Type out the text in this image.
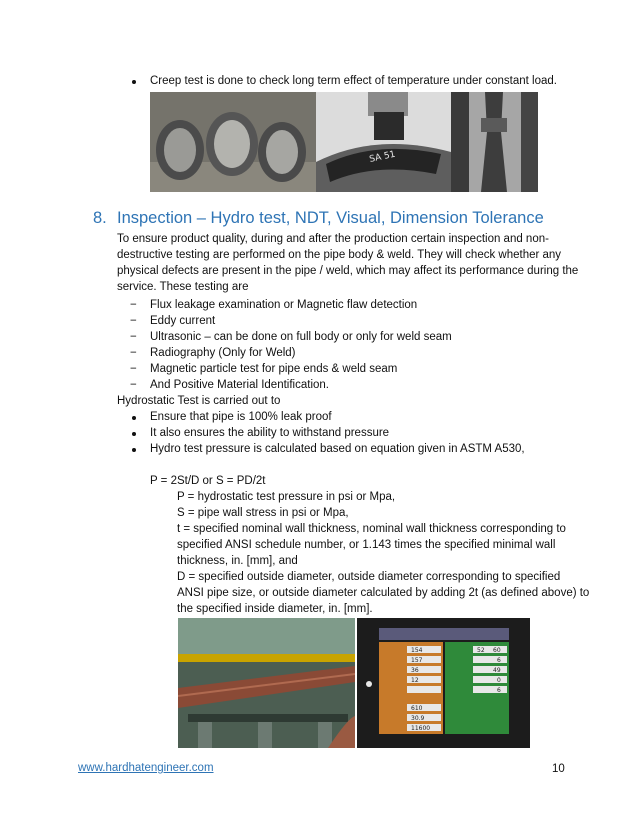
Creep test is done to check long term effect of temperature under constant load.
SA 51
8. Inspection – Hydro test, NDT, Visual, Dimension Tolerance
To ensure product quality, during and after the production certain inspection and non-
destructive testing are performed on the pipe body & weld. They will check whether any
physical defects are present in the pipe / weld, which may affect its performance during the
service. These testing are
− Flux leakage examination or Magnetic flaw detection
− Eddy current
− Ultrasonic – can be done on full body or only for weld seam
− Radiography (Only for Weld)
− Magnetic particle test for pipe ends & weld seam
− And Positive Material Identification.
Hydrostatic Test is carried out to
Ensure that pipe is 100% leak proof
It also ensures the ability to withstand pressure
Hydro test pressure is calculated based on equation given in ASTM A530,
P = 2St/D or S = PD/2t
P = hydrostatic test pressure in psi or Mpa,
S = pipe wall stress in psi or Mpa,
t = specified nominal wall thickness, nominal wall thickness corresponding to
specified ANSI schedule number, or 1.143 times the specified minimal wall
thickness, in. [mm], and
D = specified outside diameter, outside diameter corresponding to specified
ANSI pipe size, or outside diameter calculated by adding 2t (as defined above) to
the specified inside diameter, in. [mm].
154
157
36
12
52 60
6
49
0
6
610
30.9
11600
www.hardhatengineer.com	10
